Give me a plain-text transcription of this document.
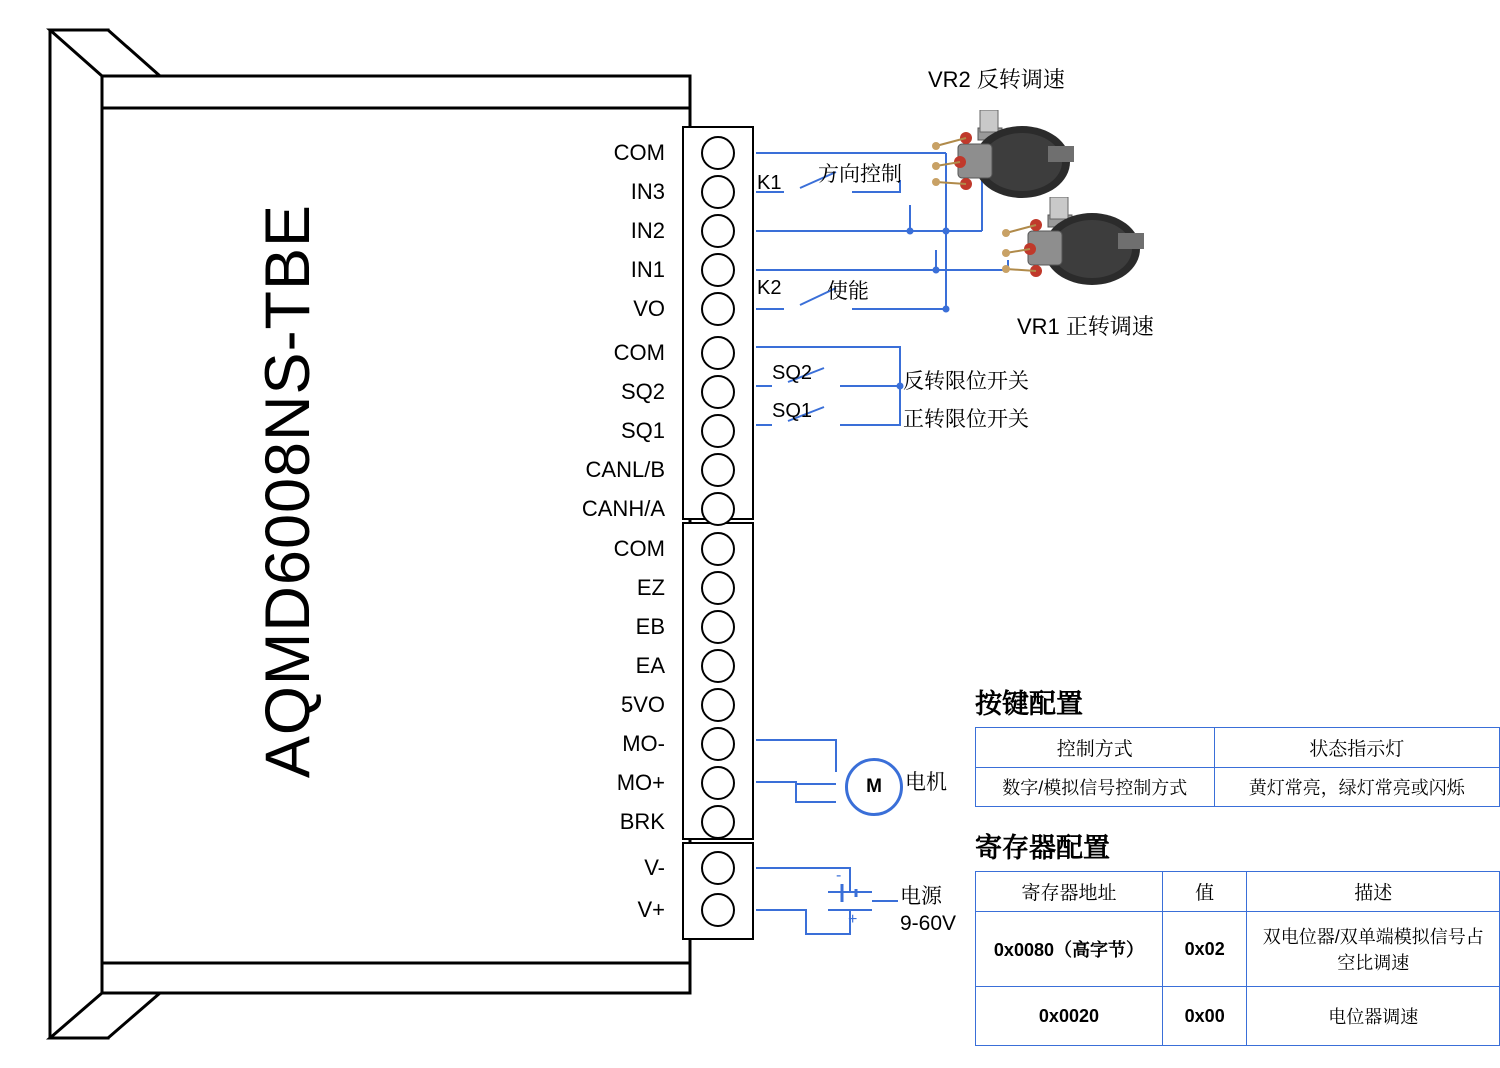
AQMD6008NS-TBE
COM
IN3
IN2
IN1
VO
COM
SQ2
SQ1
CANL/B
CANH/A
COM
EZ
EB
EA
5VO
MO-
MO+
BRK
V-
V+
K1 方向控制
K2 使能
VR2 反转调速
VR1 正转调速
SQ2	反转限位开关
SQ1	正转限位开关
M 电机
-
+
电源
9-60V
按键配置
控制方式	状态指示灯
数字/模拟信号控制方式	黄灯常亮，绿灯常亮或闪烁
寄存器配置
寄存器地址	值	描述
0x0080（高字节）	0x02	双电位器/双单端模拟信号占空比调速
0x0020	0x00	电位器调速
